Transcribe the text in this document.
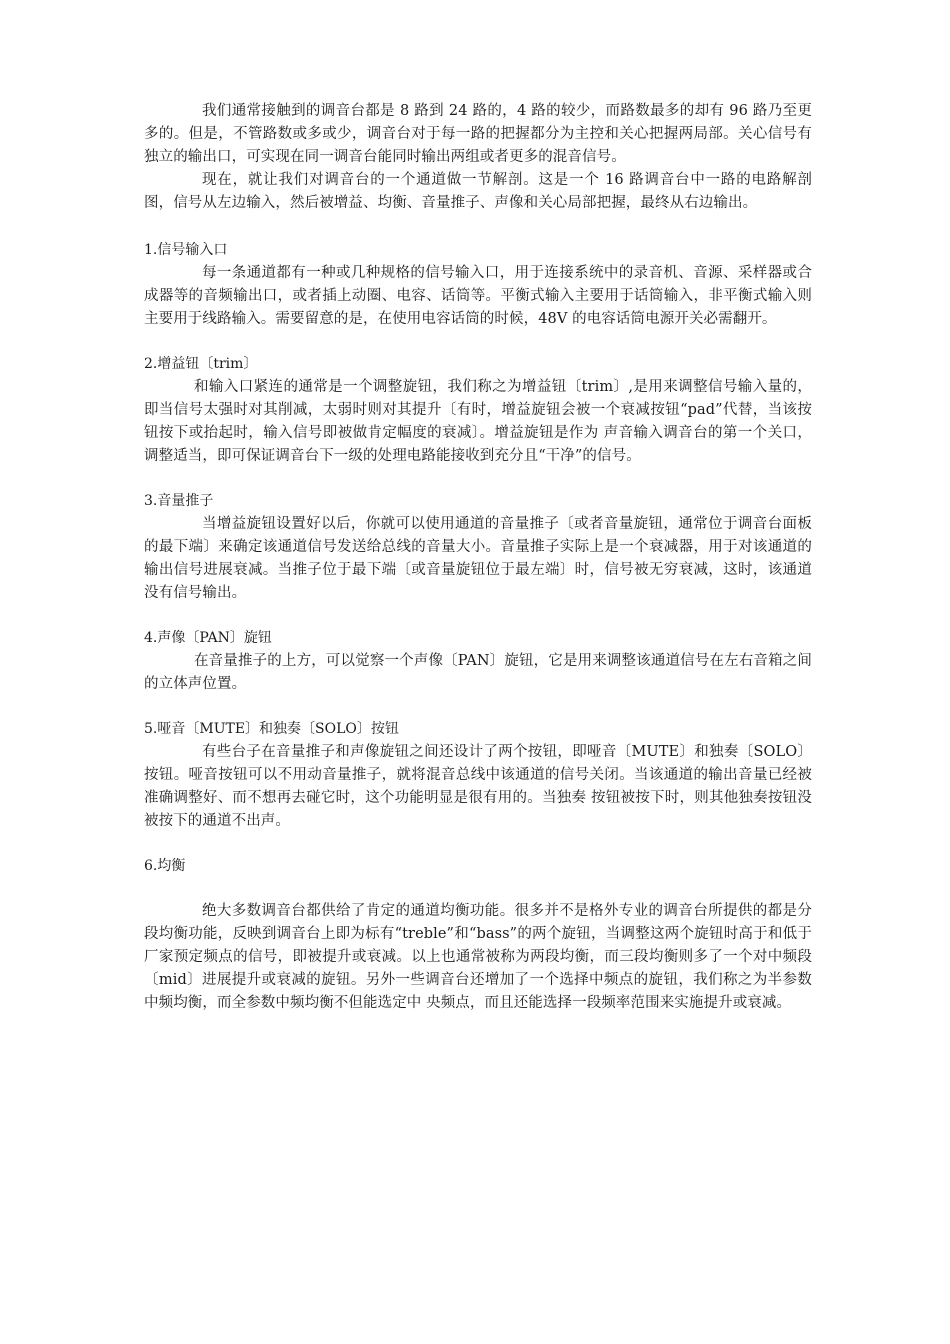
我们通常接触到的调音台都是 8 路到 24 路的，4 路的较少，而路数最多的却有 96 路乃至更多的。但是，不管路数或多或少，调音台对于每一路的把握都分为主控和关心把握两局部。关心信号有独立的输出口，可实现在同一调音台能同时输出两组或者更多的混音信号。

现在，就让我们对调音台的一个通道做一节解剖。这是一个 16 路调音台中一路的电路解剖图，信号从左边输入，然后被增益、均衡、音量推子、声像和关心局部把握，最终从右边输出。

1.信号输入口

每一条通道都有一种或几种规格的信号输入口，用于连接系统中的录音机、音源、采样器或合成器等的音频输出口，或者插上动圈、电容、话筒等。平衡式输入主要用于话筒输入，非平衡式输入则主要用于线路输入。需要留意的是，在使用电容话筒的时候，48V 的电容话筒电源开关必需翻开。

2.增益钮〔trim〕

和输入口紧连的通常是一个调整旋钮，我们称之为增益钮〔trim〕,是用来调整信号输入量的，即当信号太强时对其削减，太弱时则对其提升〔有时，增益旋钮会被一个衰减按钮“pad”代替，当该按钮按下或抬起时，输入信号即被做肯定幅度的衰减〕。增益旋钮是作为 声音输入调音台的第一个关口，调整适当，即可保证调音台下一级的处理电路能接收到充分且“干净”的信号。

3.音量推子

当增益旋钮设置好以后，你就可以使用通道的音量推子〔或者音量旋钮，通常位于调音台面板的最下端〕来确定该通道信号发送给总线的音量大小。音量推子实际上是一个衰减器，用于对该通道的输出信号进展衰减。当推子位于最下端〔或音量旋钮位于最左端〕时，信号被无穷衰减，这时，该通道没有信号输出。

4.声像〔PAN〕旋钮

在音量推子的上方，可以觉察一个声像〔PAN〕旋钮，它是用来调整该通道信号在左右音箱之间的立体声位置。

5.哑音〔MUTE〕和独奏〔SOLO〕按钮

有些台子在音量推子和声像旋钮之间还设计了两个按钮，即哑音〔MUTE〕和独奏〔SOLO〕按钮。哑音按钮可以不用动音量推子，就将混音总线中该通道的信号关闭。当该通道的输出音量已经被准确调整好、而不想再去碰它时，这个功能明显是很有用的。当独奏 按钮被按下时，则其他独奏按钮没被按下的通道不出声。

6.均衡

绝大多数调音台都供给了肯定的通道均衡功能。很多并不是格外专业的调音台所提供的都是分段均衡功能，反映到调音台上即为标有“treble”和“bass”的两个旋钮，当调整这两个旋钮时高于和低于厂家预定频点的信号，即被提升或衰减。以上也通常被称为两段均衡，而三段均衡则多了一个对中频段〔mid〕进展提升或衰减的旋钮。另外一些调音台还增加了一个选择中频点的旋钮，我们称之为半参数中频均衡，而全参数中频均衡不但能选定中 央频点，而且还能选择一段频率范围来实施提升或衰减。
